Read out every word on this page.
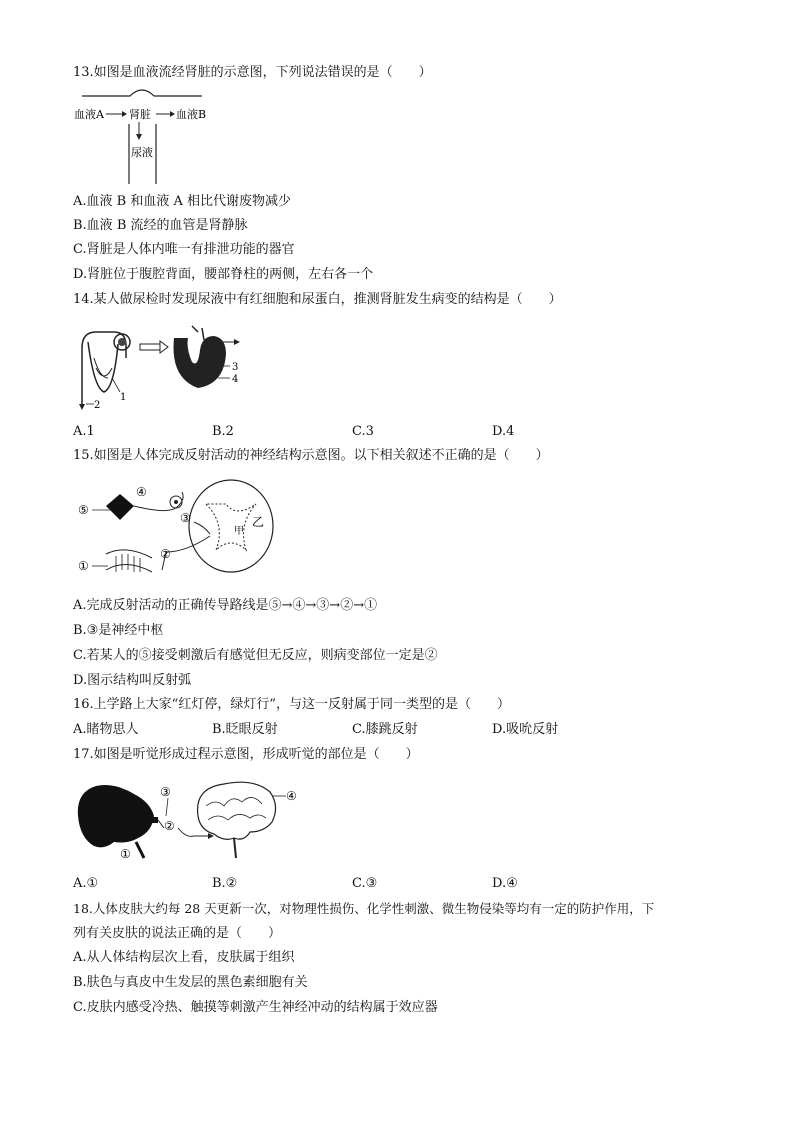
13.如图是血液流经肾脏的示意图，下列说法错误的是（　　）
血液A 肾脏 血液B
尿液
A.血液 B 和血液 A 相比代谢废物减少
B.血液 B 流经的血管是肾静脉
C.肾脏是人体内唯一有排泄功能的器官
D.肾脏位于腹腔背面，腰部脊柱的两侧，左右各一个
14.某人做尿检时发现尿液中有红细胞和尿蛋白，推测肾脏发生病变的结构是（　　）
1
2
3
4
A.1	B.2	C.3	D.4
15.如图是人体完成反射活动的神经结构示意图。以下相关叙述不正确的是（　　）
⑤
④
③
甲
乙
②
①
A.完成反射活动的正确传导路线是⑤→④→③→②→①
B.③是神经中枢
C.若某人的⑤接受刺激后有感觉但无反应，则病变部位一定是②
D.图示结构叫反射弧
16.上学路上大家“红灯停，绿灯行”，与这一反射属于同一类型的是（　　）
A.睹物思人	B.眨眼反射	C.膝跳反射	D.吸吮反射
17.如图是听觉形成过程示意图，形成听觉的部位是（　　）
①
③
②
④
A.①	B.②	C.③	D.④
18.人体皮肤大约每 28 天更新一次，对物理性损伤、化学性刺激、微生物侵染等均有一定的防护作用，下
列有关皮肤的说法正确的是（　　）
A.从人体结构层次上看，皮肤属于组织
B.肤色与真皮中生发层的黑色素细胞有关
C.皮肤内感受冷热、触摸等刺激产生神经冲动的结构属于效应器
